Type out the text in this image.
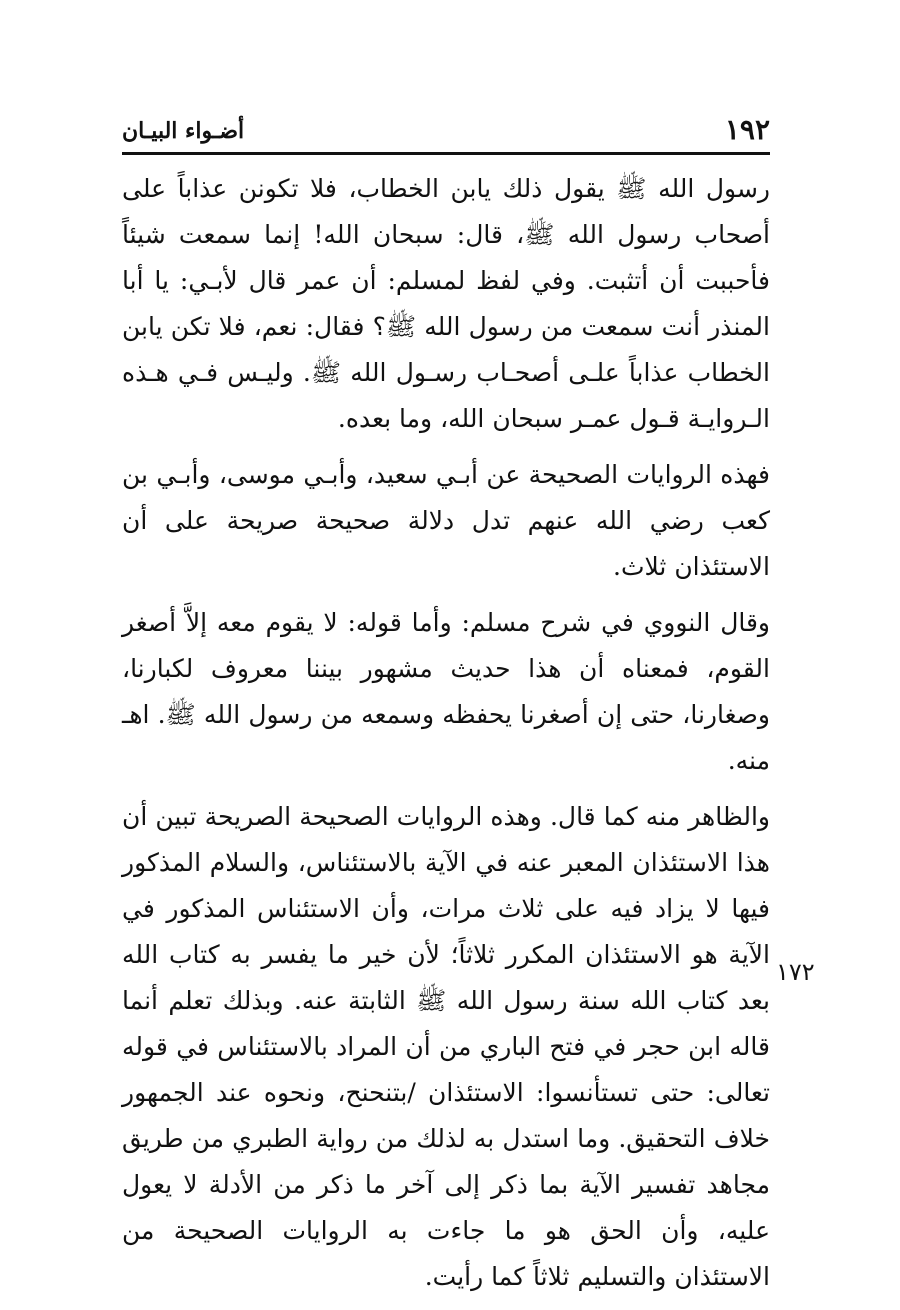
١٩٢
أضـواء البيـان

رسول الله ﷺ يقول ذلك يابن الخطاب، فلا تكونن عذاباً على أصحاب رسول الله ﷺ، قال: سبحان الله! إنما سمعت شيئاً فأحببت أن أتثبت. وفي لفظ لمسلم: أن عمر قال لأبـي: يا أبا المنذر أنت سمعت من رسول الله ﷺ؟ فقال: نعم، فلا تكن يابن الخطاب عذاباً علـى أصحـاب رسـول الله ﷺ. وليـس فـي هـذه الـروايـة قـول عمـر سبحان الله، وما بعده.

فهذه الروايات الصحيحة عن أبـي سعيد، وأبـي موسى، وأبـي بن كعب رضي الله عنهم تدل دلالة صحيحة صريحة على أن الاستئذان ثلاث.

وقال النووي في شرح مسلم: وأما قوله: لا يقوم معه إلاَّ أصغر القوم، فمعناه أن هذا حديث مشهور بيننا معروف لكبارنا، وصغارنا، حتى إن أصغرنا يحفظه وسمعه من رسول الله ﷺ. اهـ منه.

والظاهر منه كما قال. وهذه الروايات الصحيحة الصريحة تبين أن هذا الاستئذان المعبر عنه في الآية بالاستئناس، والسلام المذكور فيها لا يزاد فيه على ثلاث مرات، وأن الاستئناس المذكور في الآية هو الاستئذان المكرر ثلاثاً؛ لأن خير ما يفسر به كتاب الله بعد كتاب الله سنة رسول الله ﷺ الثابتة عنه. وبذلك تعلم أنما قاله ابن حجر في فتح الباري من أن المراد بالاستئناس في قوله تعالى: حتى تستأنسوا: الاستئذان /بتنحنح، ونحوه عند الجمهور خلاف التحقيق. وما استدل به لذلك من رواية الطبري من طريق مجاهد تفسير الآية بما ذكر إلى آخر ما ذكر من الأدلة لا يعول عليه، وأن الحق هو ما جاءت به الروايات الصحيحة من الاستئذان والتسليم ثلاثاً كما رأيت.

١٧٢
